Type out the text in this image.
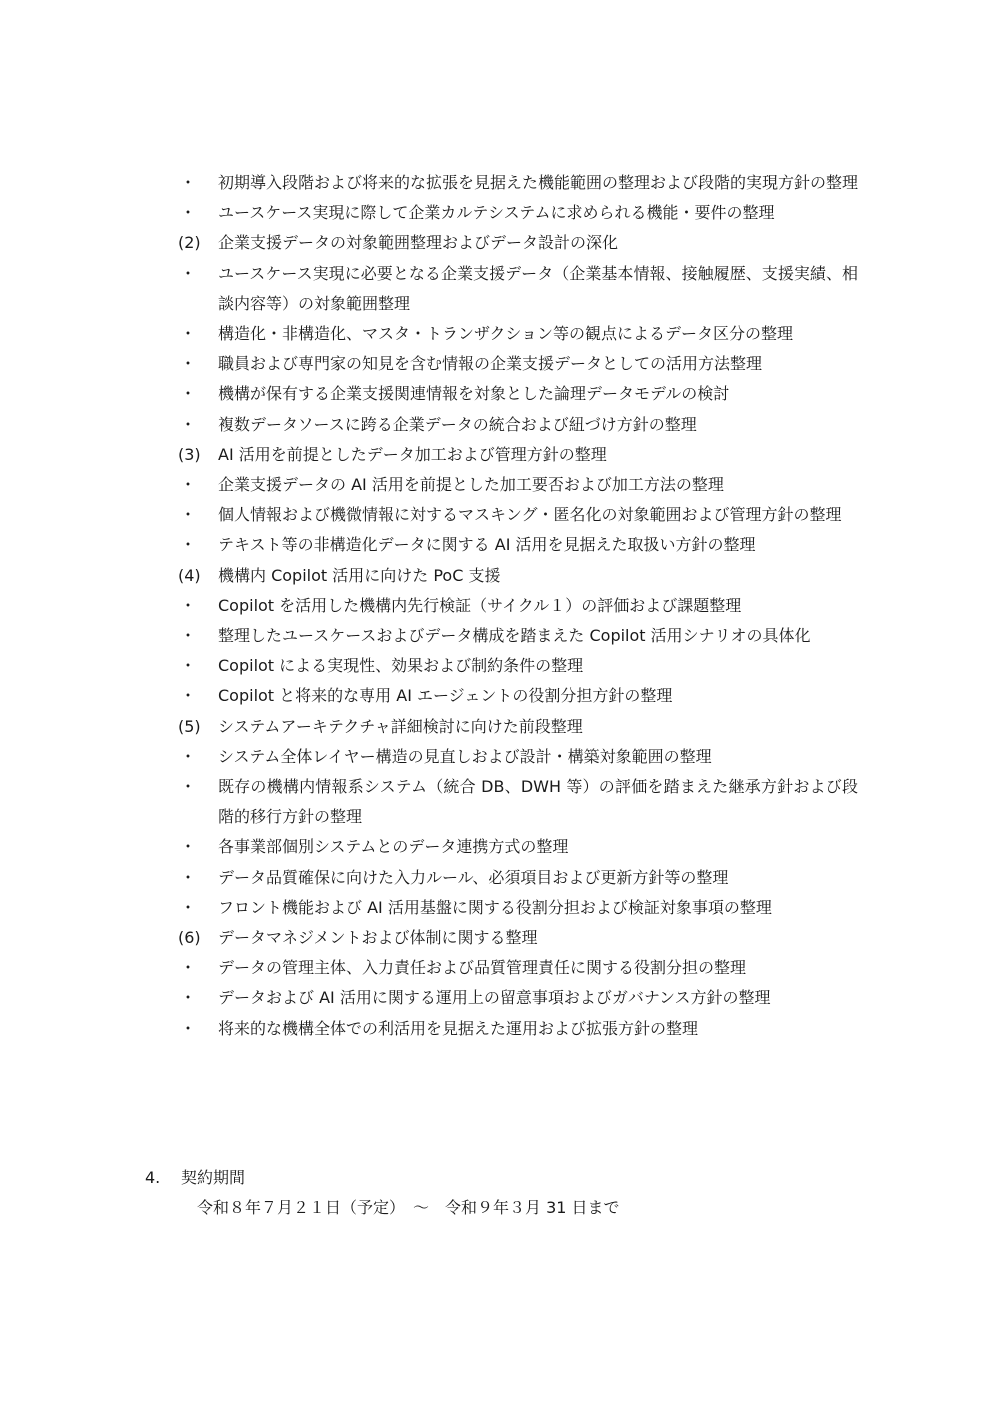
・	初期導入段階および将来的な拡張を見据えた機能範囲の整理および段階的実現方針の整理
・	ユースケース実現に際して企業カルテシステムに求められる機能・要件の整理
(2)	企業支援データの対象範囲整理およびデータ設計の深化
・	ユースケース実現に必要となる企業支援データ（企業基本情報、接触履歴、支援実績、相談内容等）の対象範囲整理
・	構造化・非構造化、マスタ・トランザクション等の観点によるデータ区分の整理
・	職員および専門家の知見を含む情報の企業支援データとしての活用方法整理
・	機構が保有する企業支援関連情報を対象とした論理データモデルの検討
・	複数データソースに跨る企業データの統合および紐づけ方針の整理
(3)	AI 活用を前提としたデータ加工および管理方針の整理
・	企業支援データの AI 活用を前提とした加工要否および加工方法の整理
・	個人情報および機微情報に対するマスキング・匿名化の対象範囲および管理方針の整理
・	テキスト等の非構造化データに関する AI 活用を見据えた取扱い方針の整理
(4)	機構内 Copilot 活用に向けた PoC 支援
・	Copilot を活用した機構内先行検証（サイクル１）の評価および課題整理
・	整理したユースケースおよびデータ構成を踏まえた Copilot 活用シナリオの具体化
・	Copilot による実現性、効果および制約条件の整理
・	Copilot と将来的な専用 AI エージェントの役割分担方針の整理
(5)	システムアーキテクチャ詳細検討に向けた前段整理
・	システム全体レイヤー構造の見直しおよび設計・構築対象範囲の整理
・	既存の機構内情報系システム（統合 DB、DWH 等）の評価を踏まえた継承方針および段階的移行方針の整理
・	各事業部個別システムとのデータ連携方式の整理
・	データ品質確保に向けた入力ルール、必須項目および更新方針等の整理
・	フロント機能および AI 活用基盤に関する役割分担および検証対象事項の整理
(6)	データマネジメントおよび体制に関する整理
・	データの管理主体、入力責任および品質管理責任に関する役割分担の整理
・	データおよび AI 活用に関する運用上の留意事項およびガバナンス方針の整理
・	将来的な機構全体での利活用を見据えた運用および拡張方針の整理
4. 契約期間
令和８年７月２１日（予定）　～　令和９年３月 31 日まで
